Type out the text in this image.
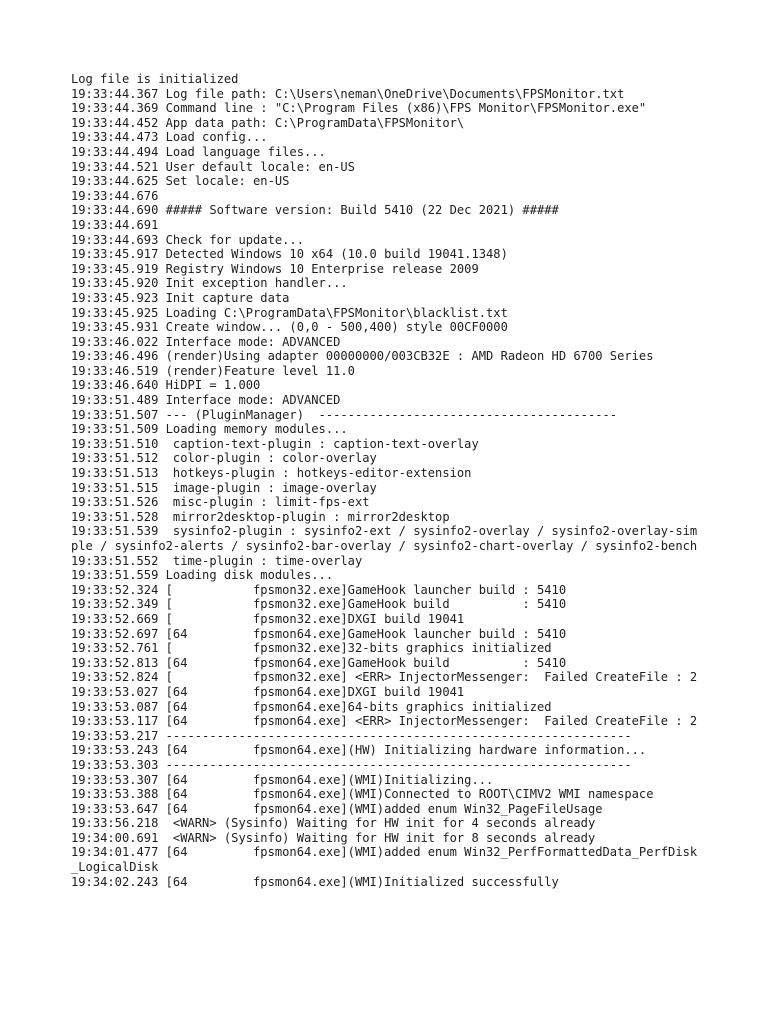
Log file is initialized
19:33:44.367 Log file path: C:\Users\neman\OneDrive\Documents\FPSMonitor.txt
19:33:44.369 Command line : "C:\Program Files (x86)\FPS Monitor\FPSMonitor.exe"
19:33:44.452 App data path: C:\ProgramData\FPSMonitor\
19:33:44.473 Load config...
19:33:44.494 Load language files...
19:33:44.521 User default locale: en-US
19:33:44.625 Set locale: en-US
19:33:44.676
19:33:44.690 ##### Software version: Build 5410 (22 Dec 2021) #####
19:33:44.691
19:33:44.693 Check for update...
19:33:45.917 Detected Windows 10 x64 (10.0 build 19041.1348)
19:33:45.919 Registry Windows 10 Enterprise release 2009
19:33:45.920 Init exception handler...
19:33:45.923 Init capture data
19:33:45.925 Loading C:\ProgramData\FPSMonitor\blacklist.txt
19:33:45.931 Create window... (0,0 - 500,400) style 00CF0000
19:33:46.022 Interface mode: ADVANCED
19:33:46.496 (render)Using adapter 00000000/003CB32E : AMD Radeon HD 6700 Series
19:33:46.519 (render)Feature level 11.0
19:33:46.640 HiDPI = 1.000
19:33:51.489 Interface mode: ADVANCED
19:33:51.507 --- (PluginManager)  -----------------------------------------
19:33:51.509 Loading memory modules...
19:33:51.510  caption-text-plugin : caption-text-overlay
19:33:51.512  color-plugin : color-overlay
19:33:51.513  hotkeys-plugin : hotkeys-editor-extension
19:33:51.515  image-plugin : image-overlay
19:33:51.526  misc-plugin : limit-fps-ext
19:33:51.528  mirror2desktop-plugin : mirror2desktop
19:33:51.539  sysinfo2-plugin : sysinfo2-ext / sysinfo2-overlay / sysinfo2-overlay-simple / sysinfo2-alerts / sysinfo2-bar-overlay / sysinfo2-chart-overlay / sysinfo2-bench
19:33:51.552  time-plugin : time-overlay
19:33:51.559 Loading disk modules...
19:33:52.324 [           fpsmon32.exe]GameHook launcher build : 5410
19:33:52.349 [           fpsmon32.exe]GameHook build          : 5410
19:33:52.669 [           fpsmon32.exe]DXGI build 19041
19:33:52.697 [64         fpsmon64.exe]GameHook launcher build : 5410
19:33:52.761 [           fpsmon32.exe]32-bits graphics initialized
19:33:52.813 [64         fpsmon64.exe]GameHook build          : 5410
19:33:52.824 [           fpsmon32.exe] <ERR> InjectorMessenger:  Failed CreateFile : 2
19:33:53.027 [64         fpsmon64.exe]DXGI build 19041
19:33:53.087 [64         fpsmon64.exe]64-bits graphics initialized
19:33:53.117 [64         fpsmon64.exe] <ERR> InjectorMessenger:  Failed CreateFile : 2
19:33:53.217 ----------------------------------------------------------------
19:33:53.243 [64         fpsmon64.exe](HW) Initializing hardware information...
19:33:53.303 ----------------------------------------------------------------
19:33:53.307 [64         fpsmon64.exe](WMI)Initializing...
19:33:53.388 [64         fpsmon64.exe](WMI)Connected to ROOT\CIMV2 WMI namespace
19:33:53.647 [64         fpsmon64.exe](WMI)added enum Win32_PageFileUsage
19:33:56.218  <WARN> (Sysinfo) Waiting for HW init for 4 seconds already
19:34:00.691  <WARN> (Sysinfo) Waiting for HW init for 8 seconds already
19:34:01.477 [64         fpsmon64.exe](WMI)added enum Win32_PerfFormattedData_PerfDisk_LogicalDisk
19:34:02.243 [64         fpsmon64.exe](WMI)Initialized successfully
